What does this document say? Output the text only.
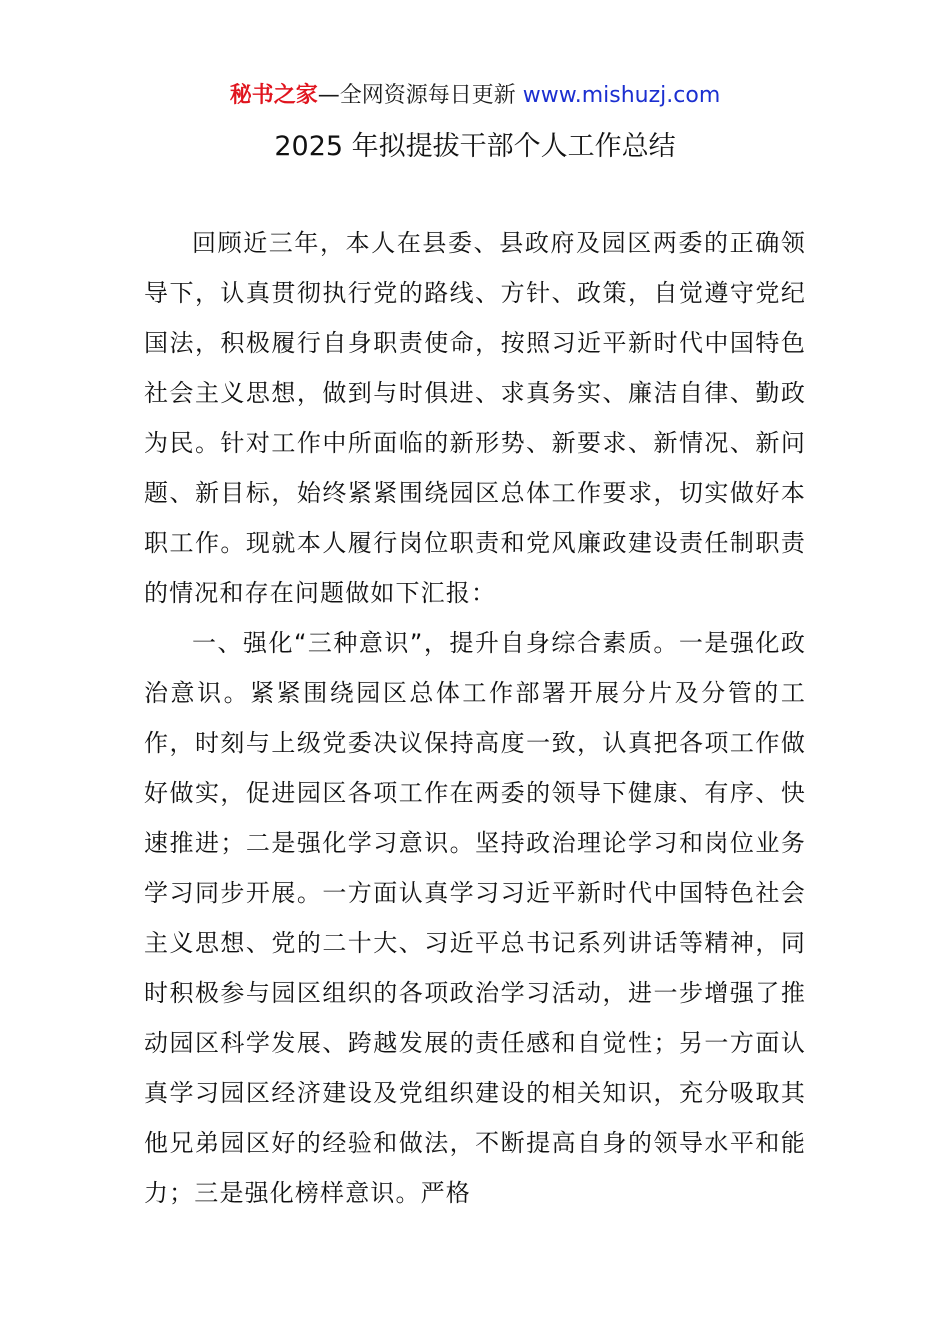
秘书之家—全网资源每日更新 www.mishuzj.com
2025 年拟提拔干部个人工作总结

回顾近三年，本人在县委、县政府及园区两委的正确领导下，认真贯彻执行党的路线、方针、政策，自觉遵守党纪国法，积极履行自身职责使命，按照习近平新时代中国特色社会主义思想，做到与时俱进、求真务实、廉洁自律、勤政为民。针对工作中所面临的新形势、新要求、新情况、新问题、新目标，始终紧紧围绕园区总体工作要求，切实做好本职工作。现就本人履行岗位职责和党风廉政建设责任制职责的情况和存在问题做如下汇报：

一、强化“三种意识”，提升自身综合素质。一是强化政治意识。紧紧围绕园区总体工作部署开展分片及分管的工作，时刻与上级党委决议保持高度一致，认真把各项工作做好做实，促进园区各项工作在两委的领导下健康、有序、快速推进；二是强化学习意识。坚持政治理论学习和岗位业务学习同步开展。一方面认真学习习近平新时代中国特色社会主义思想、党的二十大、习近平总书记系列讲话等精神，同时积极参与园区组织的各项政治学习活动，进一步增强了推动园区科学发展、跨越发展的责任感和自觉性；另一方面认真学习园区经济建设及党组织建设的相关知识，充分吸取其他兄弟园区好的经验和做法，不断提高自身的领导水平和能力；三是强化榜样意识。严格
